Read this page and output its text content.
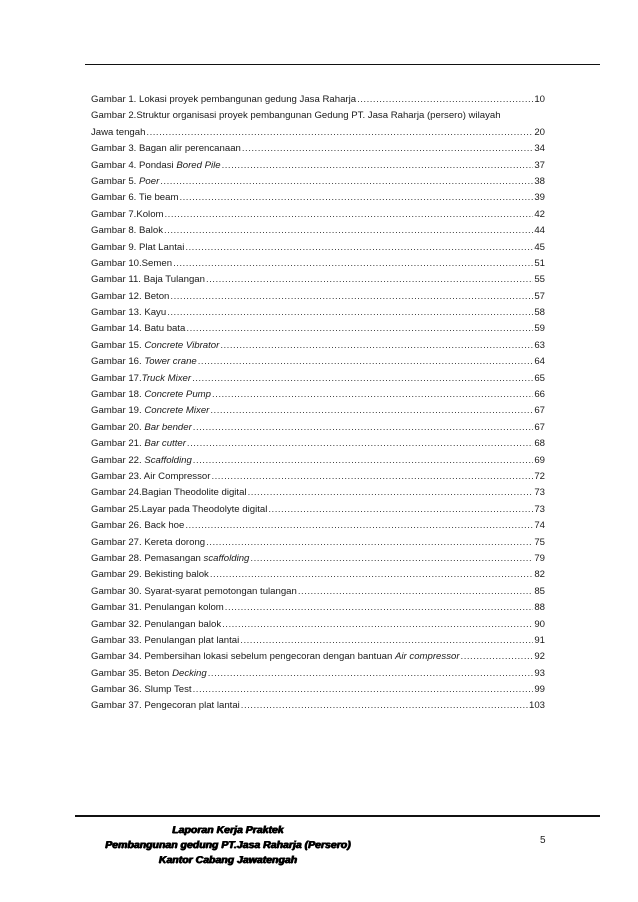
Gambar 1. Lokasi proyek pembangunan gedung Jasa Raharja .....	10
Gambar 2.Struktur organisasi proyek pembangunan Gedung PT. Jasa Raharja (persero) wilayah
Jawa tengah .....	20
Gambar 3. Bagan alir perencanaan .....	34
Gambar 4. Pondasi Bored Pile .....	37
Gambar 5. Poer .....	38
Gambar 6. Tie beam .....	39
Gambar 7.Kolom .....	42
Gambar 8. Balok .....	44
Gambar 9. Plat Lantai .....	45
Gambar 10.Semen .....	51
Gambar 11. Baja Tulangan .....	55
Gambar 12. Beton .....	57
Gambar 13. Kayu .....	58
Gambar 14. Batu bata .....	59
Gambar 15. Concrete Vibrator .....	63
Gambar 16. Tower crane .....	64
Gambar 17.Truck Mixer .....	65
Gambar 18. Concrete Pump .....	66
Gambar 19. Concrete Mixer .....	67
Gambar 20. Bar bender .....	67
Gambar 21. Bar cutter .....	68
Gambar 22. Scaffolding .....	69
Gambar 23. Air Compressor .....	72
Gambar 24.Bagian Theodolite digital .....	73
Gambar 25.Layar pada Theodolyte digital .....	73
Gambar 26. Back hoe .....	74
Gambar 27. Kereta dorong .....	75
Gambar 28. Pemasangan scaffolding .....	79
Gambar 29. Bekisting balok .....	82
Gambar 30. Syarat-syarat pemotongan tulangan .....	85
Gambar 31. Penulangan kolom .....	88
Gambar 32. Penulangan balok .....	90
Gambar 33. Penulangan plat lantai .....	91
Gambar 34. Pembersihan lokasi sebelum pengecoran dengan bantuan Air compressor .....	92
Gambar 35. Beton Decking .....	93
Gambar 36. Slump Test .....	99
Gambar 37. Pengecoran plat lantai .....	103
Laporan Kerja Praktek
Pembangunan gedung PT.Jasa Raharja (Persero)
Kantor Cabang Jawatengah
5
